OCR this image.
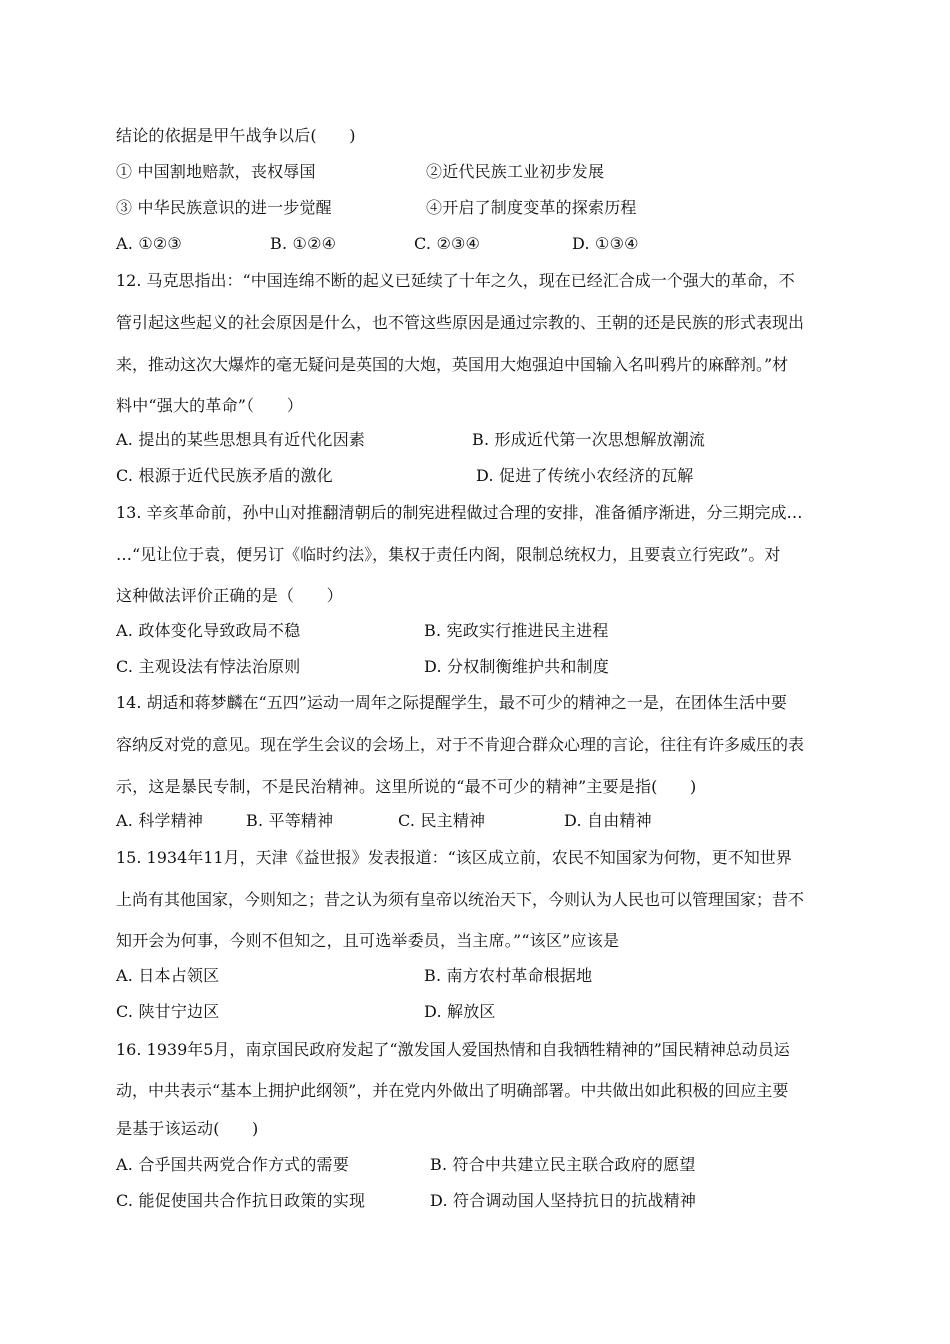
结论的依据是甲午战争以后(　　)
① 中国割地赔款，丧权辱国	②近代民族工业初步发展
③ 中华民族意识的进一步觉醒	④开启了制度变革的探索历程
A. ①②③	B. ①②④	C. ②③④	D. ①③④
12. 马克思指出：“中国连绵不断的起义已延续了十年之久，现在已经汇合成一个强大的革命，不
管引起这些起义的社会原因是什么，也不管这些原因是通过宗教的、王朝的还是民族的形式表现出
来，推动这次大爆炸的毫无疑问是英国的大炮，英国用大炮强迫中国输入名叫鸦片的麻醉剂。”材
料中“强大的革命”（　　）
A. 提出的某些思想具有近代化因素	B. 形成近代第一次思想解放潮流
C. 根源于近代民族矛盾的激化	D. 促进了传统小农经济的瓦解
13. 辛亥革命前，孙中山对推翻清朝后的制宪进程做过合理的安排，准备循序渐进，分三期完成…
…“见让位于袁，便另订《临时约法》，集权于责任内阁，限制总统权力，且要袁立行宪政”。对
这种做法评价正确的是（　　）
A. 政体变化导致政局不稳	B. 宪政实行推进民主进程
C. 主观设法有悖法治原则	D. 分权制衡维护共和制度
14. 胡适和蒋梦麟在“五四”运动一周年之际提醒学生，最不可少的精神之一是，在团体生活中要
容纳反对党的意见。现在学生会议的会场上，对于不肯迎合群众心理的言论，往往有许多威压的表
示，这是暴民专制，不是民治精神。这里所说的“最不可少的精神”主要是指(　　)
A. 科学精神	B. 平等精神	C. 民主精神	D. 自由精神
15. 1934年11月，天津《益世报》发表报道：“该区成立前，农民不知国家为何物，更不知世界
上尚有其他国家，今则知之；昔之认为须有皇帝以统治天下，今则认为人民也可以管理国家；昔不
知开会为何事，今则不但知之，且可选举委员，当主席。”“该区”应该是
A. 日本占领区	B. 南方农村革命根据地
C. 陕甘宁边区	D. 解放区
16. 1939年5月，南京国民政府发起了“激发国人爱国热情和自我牺牲精神的”国民精神总动员运
动，中共表示“基本上拥护此纲领”，并在党内外做出了明确部署。中共做出如此积极的回应主要
是基于该运动(　　)
A. 合乎国共两党合作方式的需要	B. 符合中共建立民主联合政府的愿望
C. 能促使国共合作抗日政策的实现	D. 符合调动国人坚持抗日的抗战精神
